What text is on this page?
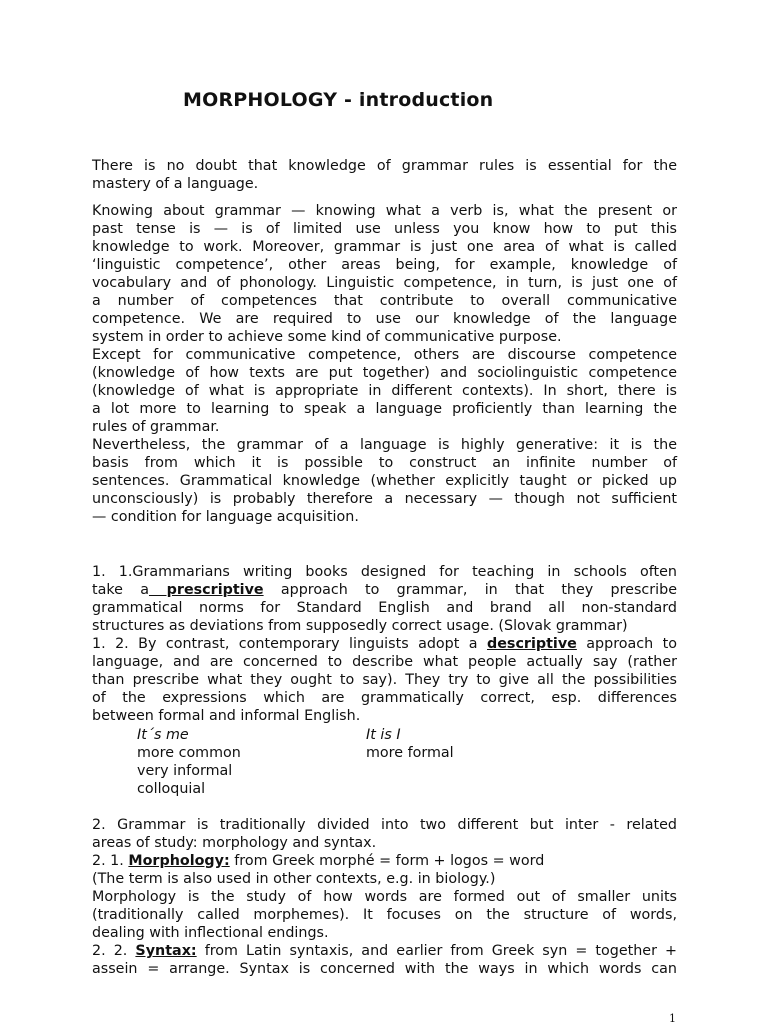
MORPHOLOGY - introduction
There is no doubt that knowledge of grammar rules is essential for the
mastery of a language.
Knowing about grammar — knowing what a verb is, what the present or
past tense is — is of limited use unless you know how to put this
knowledge to work. Moreover, grammar is just one area of what is called
‘linguistic competence’, other areas being, for example, knowledge of
vocabulary and of phonology. Linguistic competence, in turn, is just one of
a number of competences that contribute to overall communicative
competence. We are required to use our knowledge of the language
system in order to achieve some kind of communicative purpose.
Except for communicative competence, others are discourse competence
(knowledge of how texts are put together) and sociolinguistic competence
(knowledge of what is appropriate in different contexts). In short, there is
a lot more to learning to speak a language proficiently than learning the
rules of grammar.
Nevertheless, the grammar of a language is highly generative: it is the
basis from which it is possible to construct an infinite number of
sentences. Grammatical knowledge (whether explicitly taught or picked up
unconsciously) is probably therefore a necessary — though not sufficient
— condition for language acquisition.
1. 1.Grammarians writing books designed for teaching in schools often
take a prescriptive approach to grammar, in that they prescribe
grammatical norms for Standard English and brand all non-standard
structures as deviations from supposedly correct usage. (Slovak grammar)
1. 2. By contrast, contemporary linguists adopt a descriptive approach to
language, and are concerned to describe what people actually say (rather
than prescribe what they ought to say). They try to give all the possibilities
of the expressions which are grammatically correct, esp. differences
between formal and informal English.
It´s me	It is I
more common	more formal
very informal
colloquial
2. Grammar is traditionally divided into two different but inter - related
areas of study: morphology and syntax.
2. 1. Morphology: from Greek morphé = form + logos = word
(The term is also used in other contexts, e.g. in biology.)
Morphology is the study of how words are formed out of smaller units
(traditionally called morphemes). It focuses on the structure of words,
dealing with inflectional endings.
2. 2. Syntax: from Latin syntaxis, and earlier from Greek syn = together +
assein = arrange. Syntax is concerned with the ways in which words can
1
